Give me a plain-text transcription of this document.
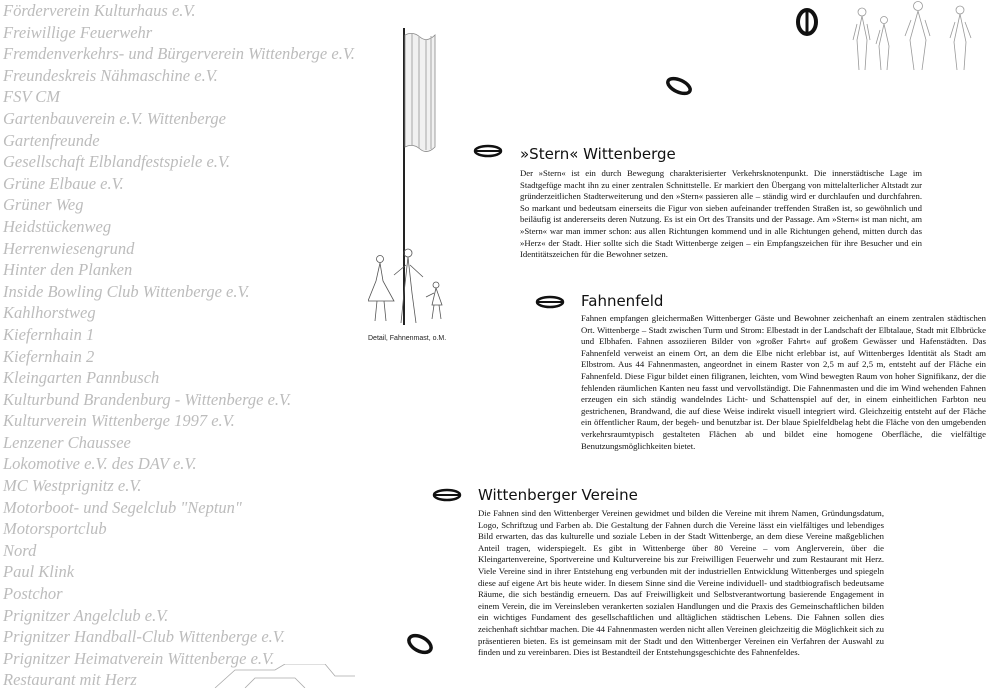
Förderverein Kulturhaus e.V.
Freiwillige Feuerwehr
Fremdenverkehrs- und Bürgerverein Wittenberge e.V.
Freundeskreis Nähmaschine e.V.
FSV CM
Gartenbauverein e.V. Wittenberge
Gartenfreunde
Gesellschaft Elblandfestspiele e.V.
Grüne Elbaue e.V.
Grüner Weg
Heidstückenweg
Herrenwiesengrund
Hinter den Planken
Inside Bowling Club Wittenberge e.V.
Kahlhorstweg
Kiefernhain 1
Kiefernhain 2
Kleingarten Pannbusch
Kulturbund Brandenburg - Wittenberge e.V.
Kulturverein Wittenberge 1997 e.V.
Lenzener Chaussee
Lokomotive e.V. des DAV e.V.
MC Westprignitz e.V.
Motorboot- und Segelclub "Neptun"
Motorsportclub
Nord
Paul Klink
Postchor
Prignitzer Angelclub e.V.
Prignitzer Handball-Club Wittenberge e.V.
Prignitzer Heimatverein Wittenberge e.V.
Restaurant mit Herz
Detail, Fahnenmast, o.M.
»Stern« Wittenberge
Der »Stern« ist ein durch Bewegung charakterisierter Verkehrsknotenpunkt. Die innerstädtische Lage im Stadtgefüge macht ihn zu einer zentralen Schnittstelle. Er markiert den Übergang von mittelalterlicher Altstadt zur gründerzeitlichen Stadterweiterung und den »Stern« passieren alle – ständig wird er durchlaufen und durchfahren. So markant und bedeutsam einerseits die Figur von sieben aufeinander treffenden Straßen ist, so gewöhnlich und beiläufig ist andererseits deren Nutzung. Es ist ein Ort des Transits und der Passage. Am »Stern« ist man nicht, am »Stern« war man immer schon: aus allen Richtungen kommend und in alle Richtungen gehend, mitten durch das »Herz« der Stadt. Hier sollte sich die Stadt Wittenberge zeigen – ein Empfangszeichen für ihre Besucher und ein Identitätszeichen für die Bewohner setzen.
Fahnenfeld
Fahnen empfangen gleichermaßen Wittenberger Gäste und Bewohner zeichenhaft an einem zentralen städtischen Ort. Wittenberge – Stadt zwischen Turm und Strom: Elbestadt in der Landschaft der Elbtalaue, Stadt mit Elbbrücke und Elbhafen. Fahnen assoziieren Bilder von »großer Fahrt« auf großem Gewässer und Hafenstädten. Das Fahnenfeld verweist an einem Ort, an dem die Elbe nicht erlebbar ist, auf Wittenberges Identität als Stadt am Elbstrom. Aus 44 Fahnenmasten, angeordnet in einem Raster von 2,5 m auf 2,5 m, entsteht auf der Fläche ein Fahnenfeld. Diese Figur bildet einen filigranen, leichten, vom Wind bewegten Raum von hoher Signifikanz, der die fehlenden räumlichen Kanten neu fasst und vervollständigt. Die Fahnenmasten und die im Wind wehenden Fahnen erzeugen ein sich ständig wandelndes Licht- und Schattenspiel auf der, in einem einheitlichen Farbton neu gestrichenen, Brandwand, die auf diese Weise indirekt visuell integriert wird. Gleichzeitig entsteht auf der Fläche ein öffentlicher Raum, der begeh- und benutzbar ist. Der blaue Spielfeldbelag hebt die Fläche von den umgebenden verkehrsraumtypisch gestalteten Flächen ab und bildet eine homogene Oberfläche, die vielfältige Benutzungsmöglichkeiten bietet.
Wittenberger Vereine
Die Fahnen sind den Wittenberger Vereinen gewidmet und bilden die Vereine mit ihrem Namen, Gründungsdatum, Logo, Schriftzug und Farben ab. Die Gestaltung der Fahnen durch die Vereine lässt ein vielfältiges und lebendiges Bild erwarten, das das kulturelle und soziale Leben in der Stadt Wittenberge, an dem diese Vereine maßgeblichen Anteil tragen, widerspiegelt. Es gibt in Wittenberge über 80 Vereine – vom Anglerverein, über die Kleingartenvereine, Sportvereine und Kulturvereine bis zur Freiwilligen Feuerwehr und zum Restaurant mit Herz. Viele Vereine sind in ihrer Entstehung eng verbunden mit der industriellen Entwicklung Wittenberges und spiegeln diese auf eigene Art bis heute wider. In diesem Sinne sind die Vereine individuell- und stadtbiografisch bedeutsame Räume, die sich beständig erneuern. Das auf Freiwilligkeit und Selbstverantwortung basierende Engagement in einem Verein, die im Vereinsleben verankerten sozialen Handlungen und die Praxis des Gemeinschaftlichen bilden ein wichtiges Fundament des gesellschaftlichen und alltäglichen städtischen Lebens. Die Fahnen sollen dies zeichenhaft sichtbar machen. Die 44 Fahnenmasten werden nicht allen Vereinen gleichzeitig die Möglichkeit sich zu präsentieren bieten. Es ist gemeinsam mit der Stadt und den Wittenberger Vereinen ein Verfahren der Auswahl zu finden und zu vereinbaren. Dies ist Bestandteil der Entstehungsgeschichte des Fahnenfeldes.
